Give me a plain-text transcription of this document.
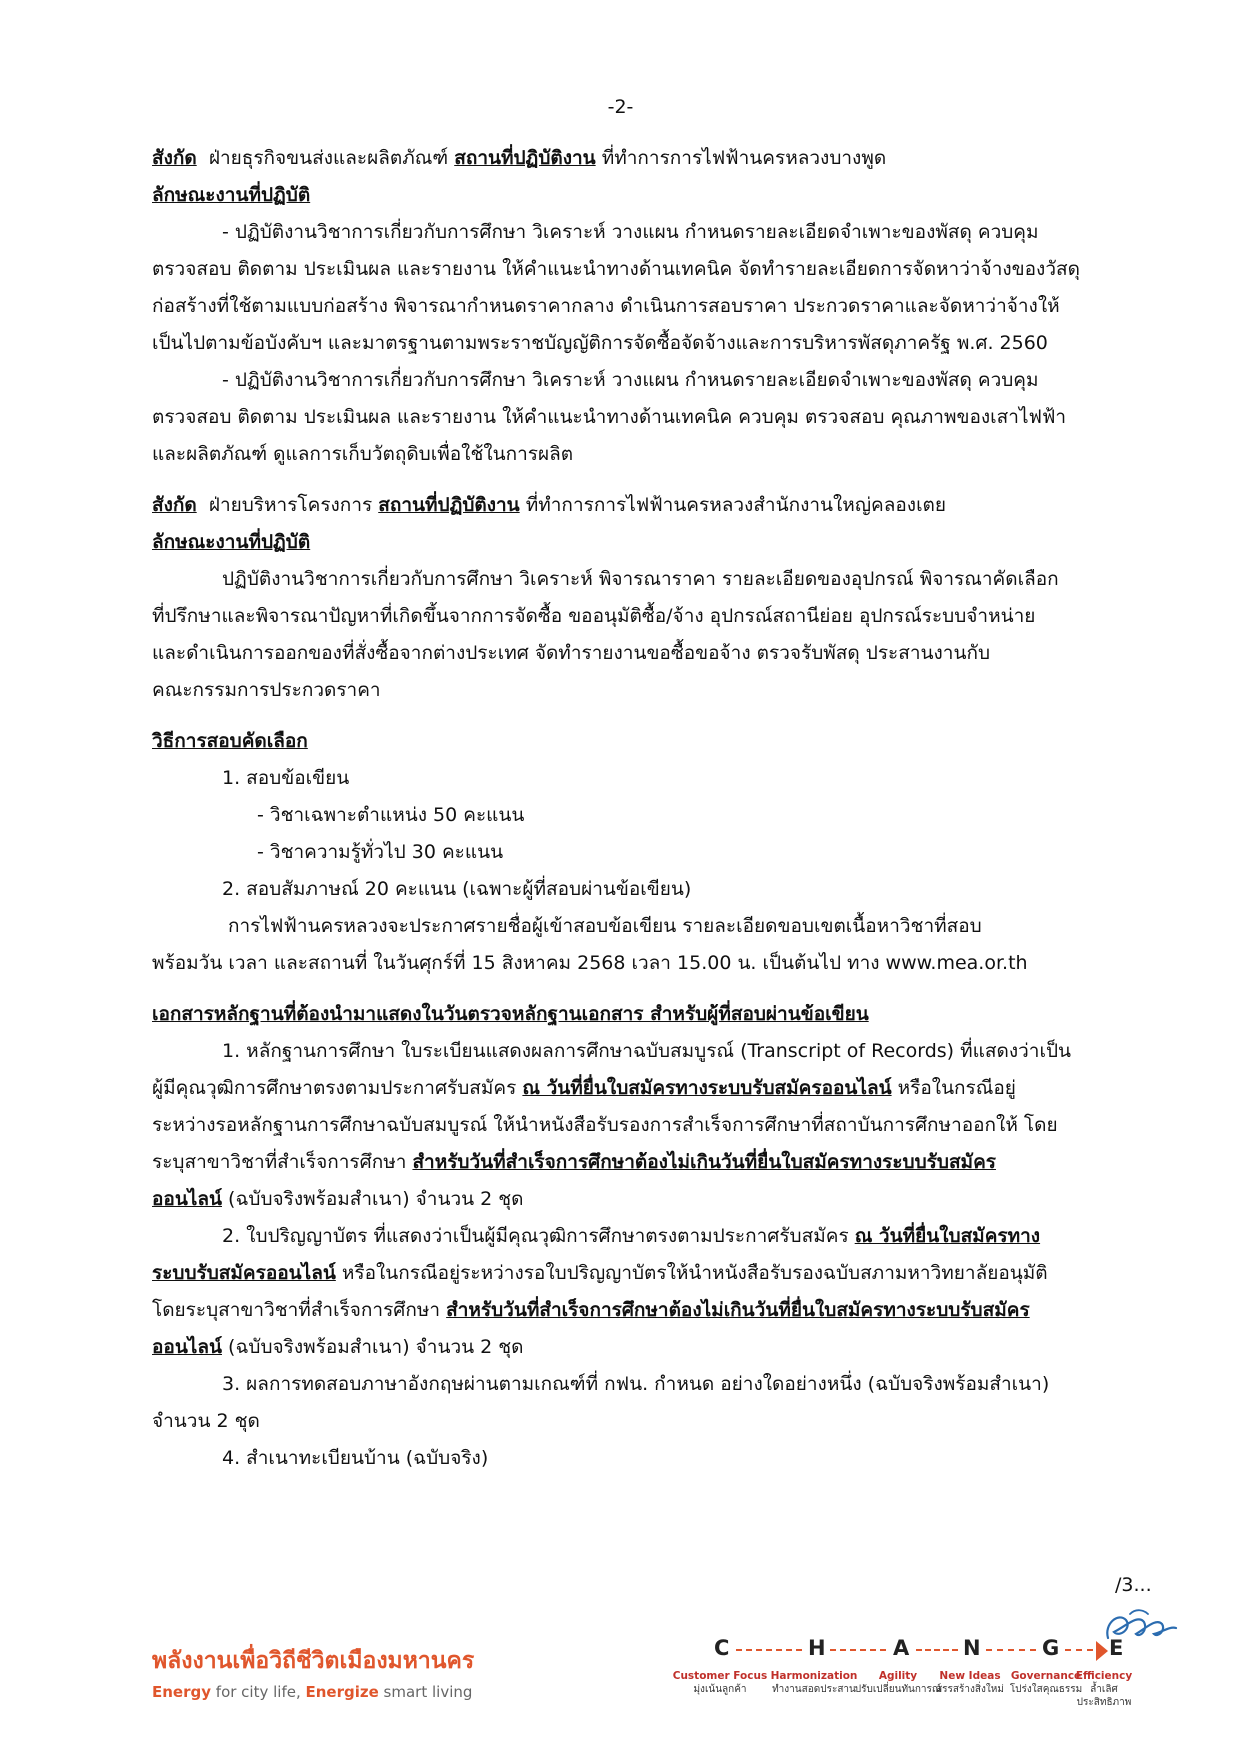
-2-
สังกัด ฝ่ายธุรกิจขนส่งและผลิตภัณฑ์ สถานที่ปฏิบัติงาน ที่ทำการการไฟฟ้านครหลวงบางพูด
ลักษณะงานที่ปฏิบัติ
- ปฏิบัติงานวิชาการเกี่ยวกับการศึกษา วิเคราะห์ วางแผน กำหนดรายละเอียดจำเพาะของพัสดุ ควบคุม
ตรวจสอบ ติดตาม ประเมินผล และรายงาน ให้คำแนะนำทางด้านเทคนิค จัดทำรายละเอียดการจัดหาว่าจ้างของวัสดุ
ก่อสร้างที่ใช้ตามแบบก่อสร้าง พิจารณากำหนดราคากลาง ดำเนินการสอบราคา ประกวดราคาและจัดหาว่าจ้างให้
เป็นไปตามข้อบังคับฯ และมาตรฐานตามพระราชบัญญัติการจัดซื้อจัดจ้างและการบริหารพัสดุภาครัฐ พ.ศ. 2560
- ปฏิบัติงานวิชาการเกี่ยวกับการศึกษา วิเคราะห์ วางแผน กำหนดรายละเอียดจำเพาะของพัสดุ ควบคุม
ตรวจสอบ ติดตาม ประเมินผล และรายงาน ให้คำแนะนำทางด้านเทคนิค ควบคุม ตรวจสอบ คุณภาพของเสาไฟฟ้า
และผลิตภัณฑ์ ดูแลการเก็บวัตถุดิบเพื่อใช้ในการผลิต
สังกัด ฝ่ายบริหารโครงการ สถานที่ปฏิบัติงาน ที่ทำการการไฟฟ้านครหลวงสำนักงานใหญ่คลองเตย
ลักษณะงานที่ปฏิบัติ
ปฏิบัติงานวิชาการเกี่ยวกับการศึกษา วิเคราะห์ พิจารณาราคา รายละเอียดของอุปกรณ์ พิจารณาคัดเลือก
ที่ปรึกษาและพิจารณาปัญหาที่เกิดขึ้นจากการจัดซื้อ ขออนุมัติซื้อ/จ้าง อุปกรณ์สถานีย่อย อุปกรณ์ระบบจำหน่าย
และดำเนินการออกของที่สั่งซื้อจากต่างประเทศ จัดทำรายงานขอซื้อขอจ้าง ตรวจรับพัสดุ ประสานงานกับ
คณะกรรมการประกวดราคา
วิธีการสอบคัดเลือก
1. สอบข้อเขียน
- วิชาเฉพาะตำแหน่ง 50 คะแนน
- วิชาความรู้ทั่วไป 30 คะแนน
2. สอบสัมภาษณ์ 20 คะแนน (เฉพาะผู้ที่สอบผ่านข้อเขียน)
การไฟฟ้านครหลวงจะประกาศรายชื่อผู้เข้าสอบข้อเขียน รายละเอียดขอบเขตเนื้อหาวิชาที่สอบ
พร้อมวัน เวลา และสถานที่ ในวันศุกร์ที่ 15 สิงหาคม 2568 เวลา 15.00 น. เป็นต้นไป ทาง www.mea.or.th
เอกสารหลักฐานที่ต้องนำมาแสดงในวันตรวจหลักฐานเอกสาร สำหรับผู้ที่สอบผ่านข้อเขียน
1. หลักฐานการศึกษา ใบระเบียนแสดงผลการศึกษาฉบับสมบูรณ์ (Transcript of Records) ที่แสดงว่าเป็น
ผู้มีคุณวุฒิการศึกษาตรงตามประกาศรับสมัคร ณ วันที่ยื่นใบสมัครทางระบบรับสมัครออนไลน์ หรือในกรณีอยู่
ระหว่างรอหลักฐานการศึกษาฉบับสมบูรณ์ ให้นำหนังสือรับรองการสำเร็จการศึกษาที่สถาบันการศึกษาออกให้ โดย
ระบุสาขาวิชาที่สำเร็จการศึกษา สำหรับวันที่สำเร็จการศึกษาต้องไม่เกินวันที่ยื่นใบสมัครทางระบบรับสมัคร
ออนไลน์ (ฉบับจริงพร้อมสำเนา) จำนวน 2 ชุด
2. ใบปริญญาบัตร ที่แสดงว่าเป็นผู้มีคุณวุฒิการศึกษาตรงตามประกาศรับสมัคร ณ วันที่ยื่นใบสมัครทาง
ระบบรับสมัครออนไลน์ หรือในกรณีอยู่ระหว่างรอใบปริญญาบัตรให้นำหนังสือรับรองฉบับสภามหาวิทยาลัยอนุมัติ
โดยระบุสาขาวิชาที่สำเร็จการศึกษา สำหรับวันที่สำเร็จการศึกษาต้องไม่เกินวันที่ยื่นใบสมัครทางระบบรับสมัคร
ออนไลน์ (ฉบับจริงพร้อมสำเนา) จำนวน 2 ชุด
3. ผลการทดสอบภาษาอังกฤษผ่านตามเกณฑ์ที่ กฟน. กำหนด อย่างใดอย่างหนึ่ง (ฉบับจริงพร้อมสำเนา)
จำนวน 2 ชุด
4. สำเนาทะเบียนบ้าน (ฉบับจริง)
/3...
พลังงานเพื่อวิถีชีวิตเมืองมหานคร
Energy for city life, Energize smart living
C	H	A	N	G E
Customer Focus
มุ่งเน้นลูกค้า
Harmonization
ทำงานสอดประสาน
Agility
ปรับเปลี่ยนทันการณ์
New Ideas
สรรสร้างสิ่งใหม่
Governance
โปร่งใสคุณธรรม
Efficiency
ล้ำเลิศประสิทธิภาพ
